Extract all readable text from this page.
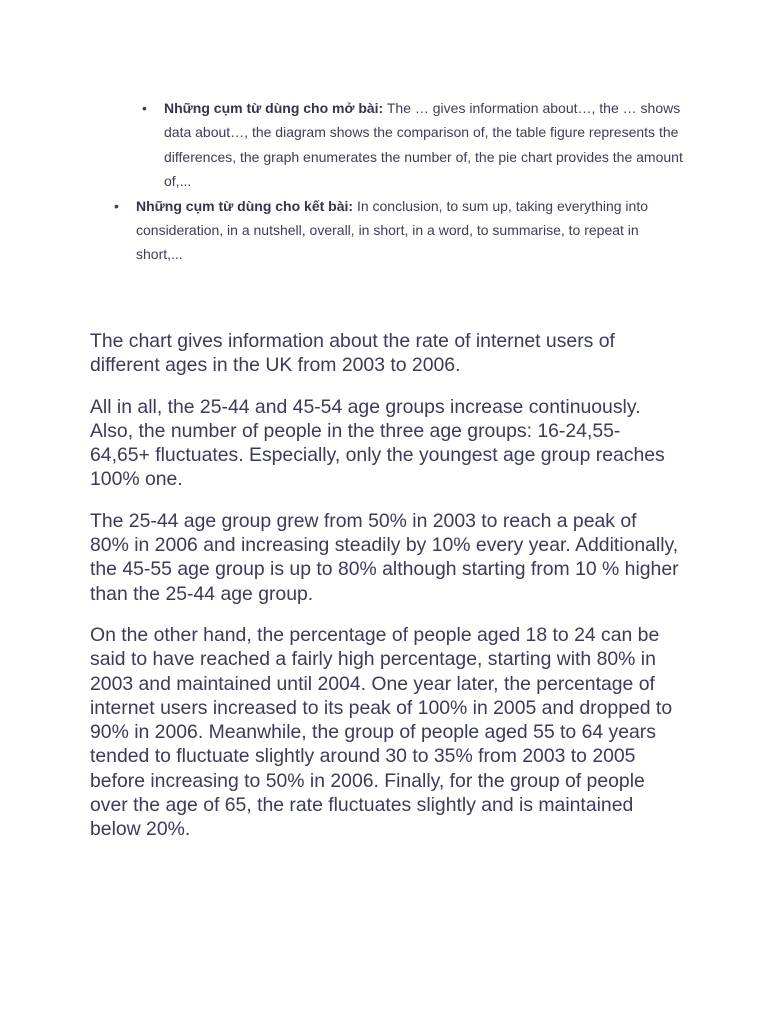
• Những cụm từ dùng cho mở bài: The … gives information about…, the … shows data about…, the diagram shows the comparison of, the table figure represents the differences, the graph enumerates the number of, the pie chart provides the amount of,...
• Những cụm từ dùng cho kết bài: In conclusion, to sum up, taking everything into consideration, in a nutshell, overall, in short, in a word, to summarise, to repeat in short,...

The chart gives information about the rate of internet users of different ages in the UK from 2003 to 2006.

All in all, the 25-44 and 45-54 age groups increase continuously. Also, the number of people in the three age groups: 16-24,55-64,65+ fluctuates. Especially, only the youngest age group reaches 100% one.

The 25-44 age group grew from 50% in 2003 to reach a peak of 80% in 2006 and increasing steadily by 10% every year. Additionally, the 45-55 age group is up to 80% although starting from 10 % higher than the 25-44 age group.

On the other hand, the percentage of people aged 18 to 24 can be said to have reached a fairly high percentage, starting with 80% in 2003 and maintained until 2004. One year later, the percentage of internet users increased to its peak of 100% in 2005 and dropped to 90% in 2006. Meanwhile, the group of people aged 55 to 64 years tended to fluctuate slightly around 30 to 35% from 2003 to 2005 before increasing to 50% in 2006. Finally, for the group of people over the age of 65, the rate fluctuates slightly and is maintained below 20%.
